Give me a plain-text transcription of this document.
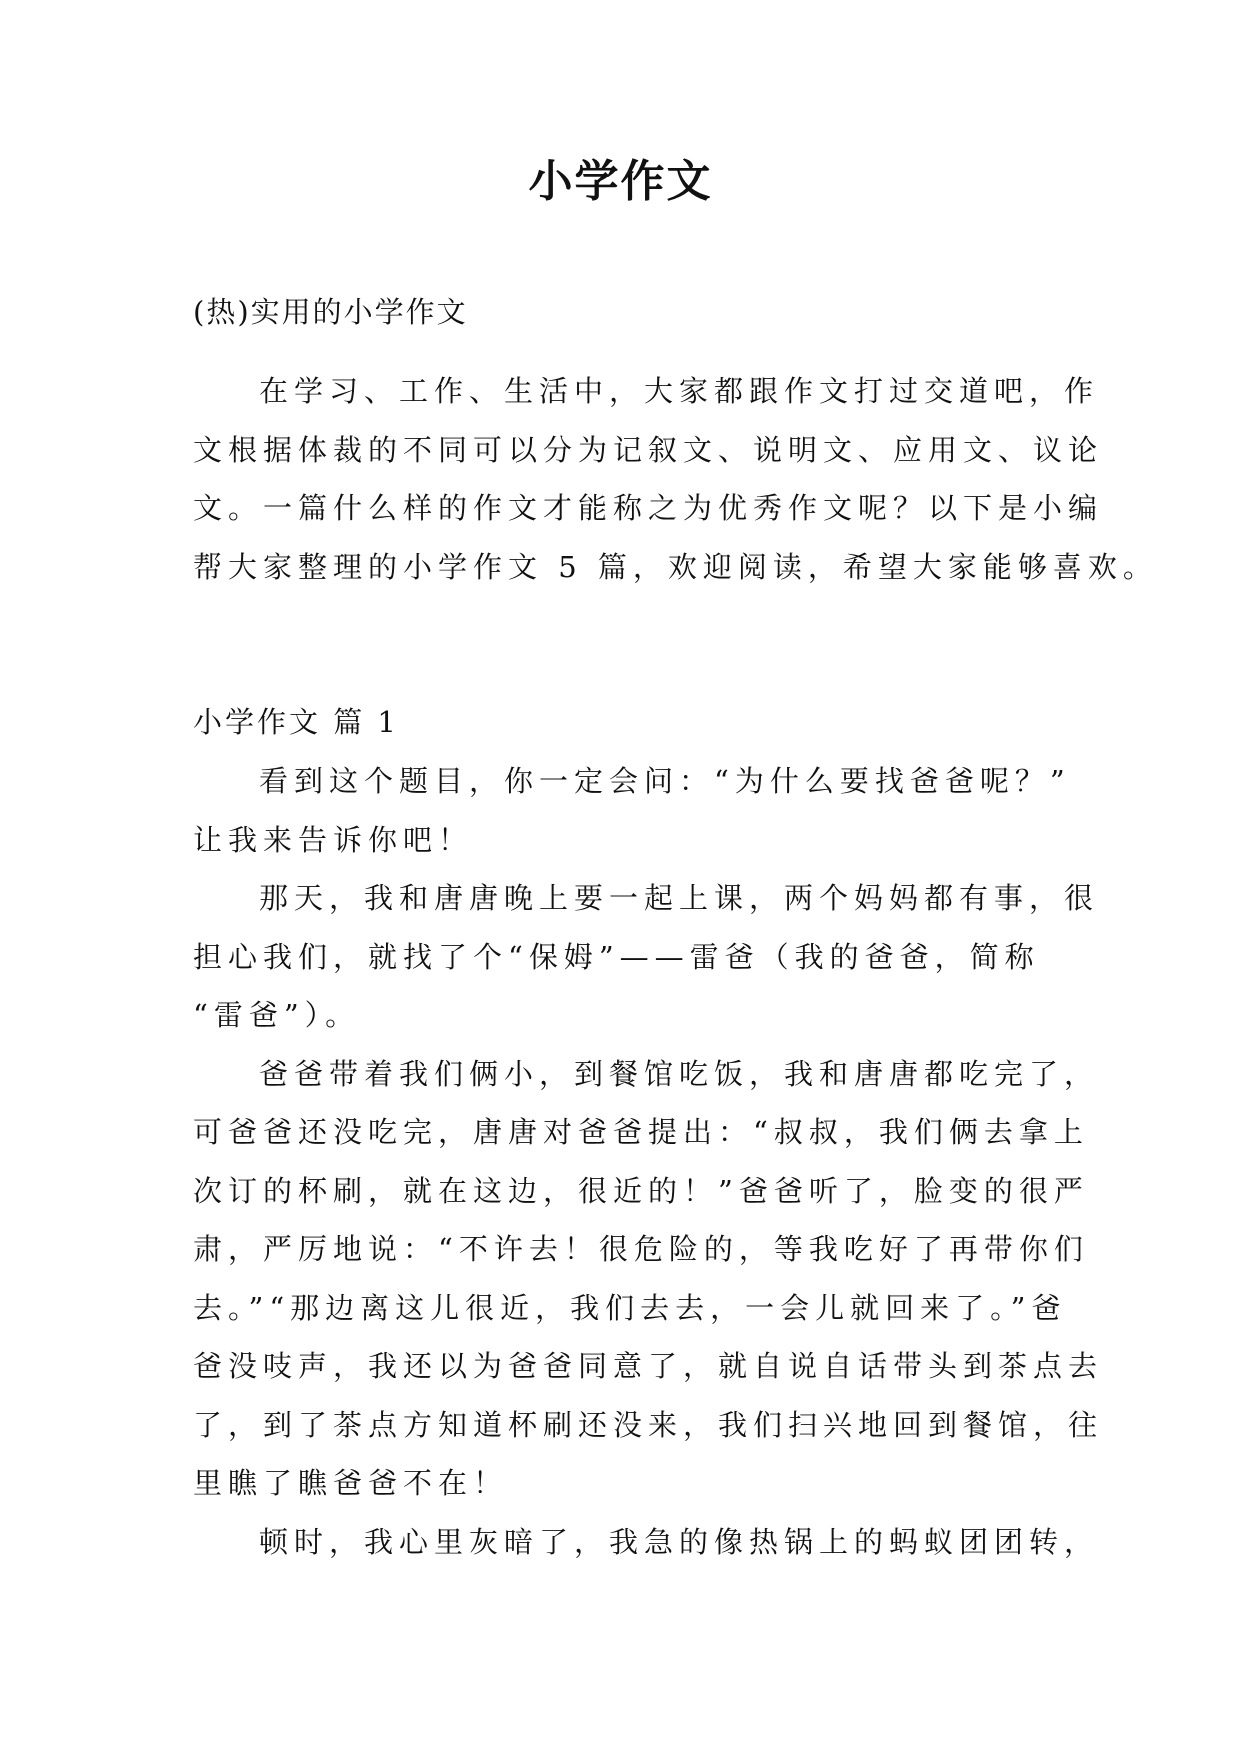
小学作文
(热)实用的小学作文
在学习、工作、生活中，大家都跟作文打过交道吧，作
文根据体裁的不同可以分为记叙文、说明文、应用文、议论
文。一篇什么样的作文才能称之为优秀作文呢？以下是小编
帮大家整理的小学作文 5 篇，欢迎阅读，希望大家能够喜欢。
小学作文 篇 1
看到这个题目，你一定会问：“为什么要找爸爸呢？”
让我来告诉你吧！
那天，我和唐唐晚上要一起上课，两个妈妈都有事，很
担心我们，就找了个“保姆”——雷爸（我的爸爸，简称
“雷爸”）。
爸爸带着我们俩小，到餐馆吃饭，我和唐唐都吃完了，
可爸爸还没吃完，唐唐对爸爸提出：“叔叔，我们俩去拿上
次订的杯刷，就在这边，很近的！”爸爸听了，脸变的很严
肃，严厉地说：“不许去！很危险的，等我吃好了再带你们
去。”“那边离这儿很近，我们去去，一会儿就回来了。”爸
爸没吱声，我还以为爸爸同意了，就自说自话带头到茶点去
了，到了茶点方知道杯刷还没来，我们扫兴地回到餐馆，往
里瞧了瞧爸爸不在！
顿时，我心里灰暗了，我急的像热锅上的蚂蚁团团转，
